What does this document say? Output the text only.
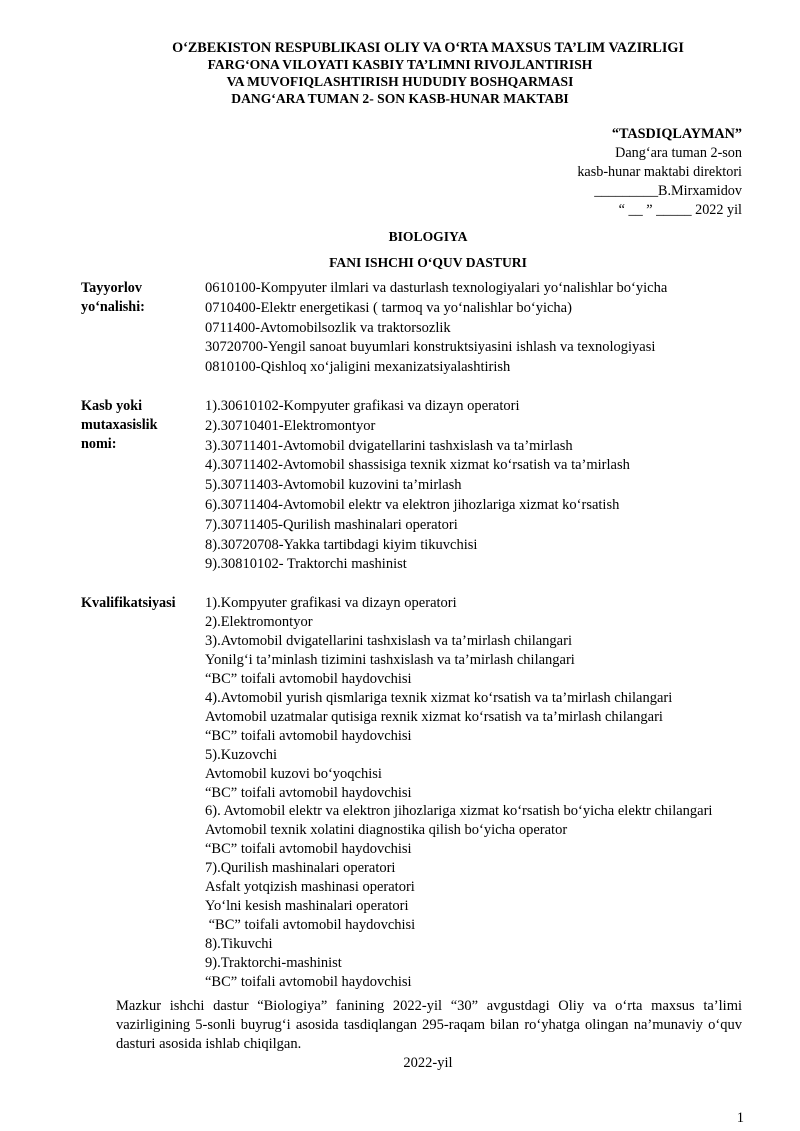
O‘ZBEKISTON RESPUBLIKASI OLIY VA O‘RTA MAXSUS TA’LIM VAZIRLIGI
FARG‘ONA VILOYATI KASBIY TA’LIMNI RIVOJLANTIRISH
VA MUVOFIQLASHTIRISH HUDUDIY BOSHQARMASI
DANG‘ARA TUMAN 2- SON KASB-HUNAR MAKTABI
“TASDIQLAYMAN”
Dang‘ara tuman 2-son
kasb-hunar maktabi direktori
_________B.Mirxamidov
“ __ ” _____ 2022 yil
BIOLOGIYA
FANI ISHCHI O‘QUV DASTURI
Tayyorlov
yo‘nalishi:
0610100-Kompyuter ilmlari va dasturlash texnologiyalari yo‘nalishlar bo‘yicha
0710400-Elektr energetikasi ( tarmoq va yo‘nalishlar bo‘yicha)
0711400-Avtomobilsozlik va traktorsozlik
30720700-Yengil sanoat buyumlari konstruktsiyasini ishlash va texnologiyasi
0810100-Qishloq xo‘jaligini mexanizatsiyalashtirish
Kasb yoki
mutaxasislik
nomi:
1).30610102-Kompyuter grafikasi va dizayn operatori
2).30710401-Elektromontyor
3).30711401-Avtomobil dvigatellarini tashxislash va ta’mirlash
4).30711402-Avtomobil shassisiga texnik xizmat ko‘rsatish va ta’mirlash
5).30711403-Avtomobil kuzovini ta’mirlash
6).30711404-Avtomobil elektr va elektron jihozlariga xizmat ko‘rsatish
7).30711405-Qurilish mashinalari operatori
8).30720708-Yakka tartibdagi kiyim tikuvchisi
9).30810102- Traktorchi mashinist
Kvalifikatsiyasi	1).Kompyuter grafikasi va dizayn operatori
2).Elektromontyor
3).Avtomobil dvigatellarini tashxislash va ta’mirlash chilangari
Yonilg‘i ta’minlash tizimini tashxislash va ta’mirlash chilangari
“BC” toifali avtomobil haydovchisi
4).Avtomobil yurish qismlariga texnik xizmat ko‘rsatish va ta’mirlash chilangari
Avtomobil uzatmalar qutisiga rexnik xizmat ko‘rsatish va ta’mirlash chilangari
“BC” toifali avtomobil haydovchisi
5).Kuzovchi
Avtomobil kuzovi bo‘yoqchisi
“BC” toifali avtomobil haydovchisi
6). Avtomobil elektr va elektron jihozlariga xizmat ko‘rsatish bo‘yicha elektr chilangari
Avtomobil texnik xolatini diagnostika qilish bo‘yicha operator
“BC” toifali avtomobil haydovchisi
7).Qurilish mashinalari operatori
Asfalt yotqizish mashinasi operatori
Yo‘lni kesish mashinalari operatori
“BC” toifali avtomobil haydovchisi
8).Tikuvchi
9).Traktorchi-mashinist
“BC” toifali avtomobil haydovchisi
Mazkur ishchi dastur “Biologiya” fanining 2022-yil “30” avgustdagi Oliy va o‘rta maxsus ta’limi vazirligining 5-sonli buyrug‘i asosida tasdiqlangan 295-raqam bilan ro‘yhatga olingan na’munaviy o‘quv dasturi asosida ishlab chiqilgan.
2022-yil
1
